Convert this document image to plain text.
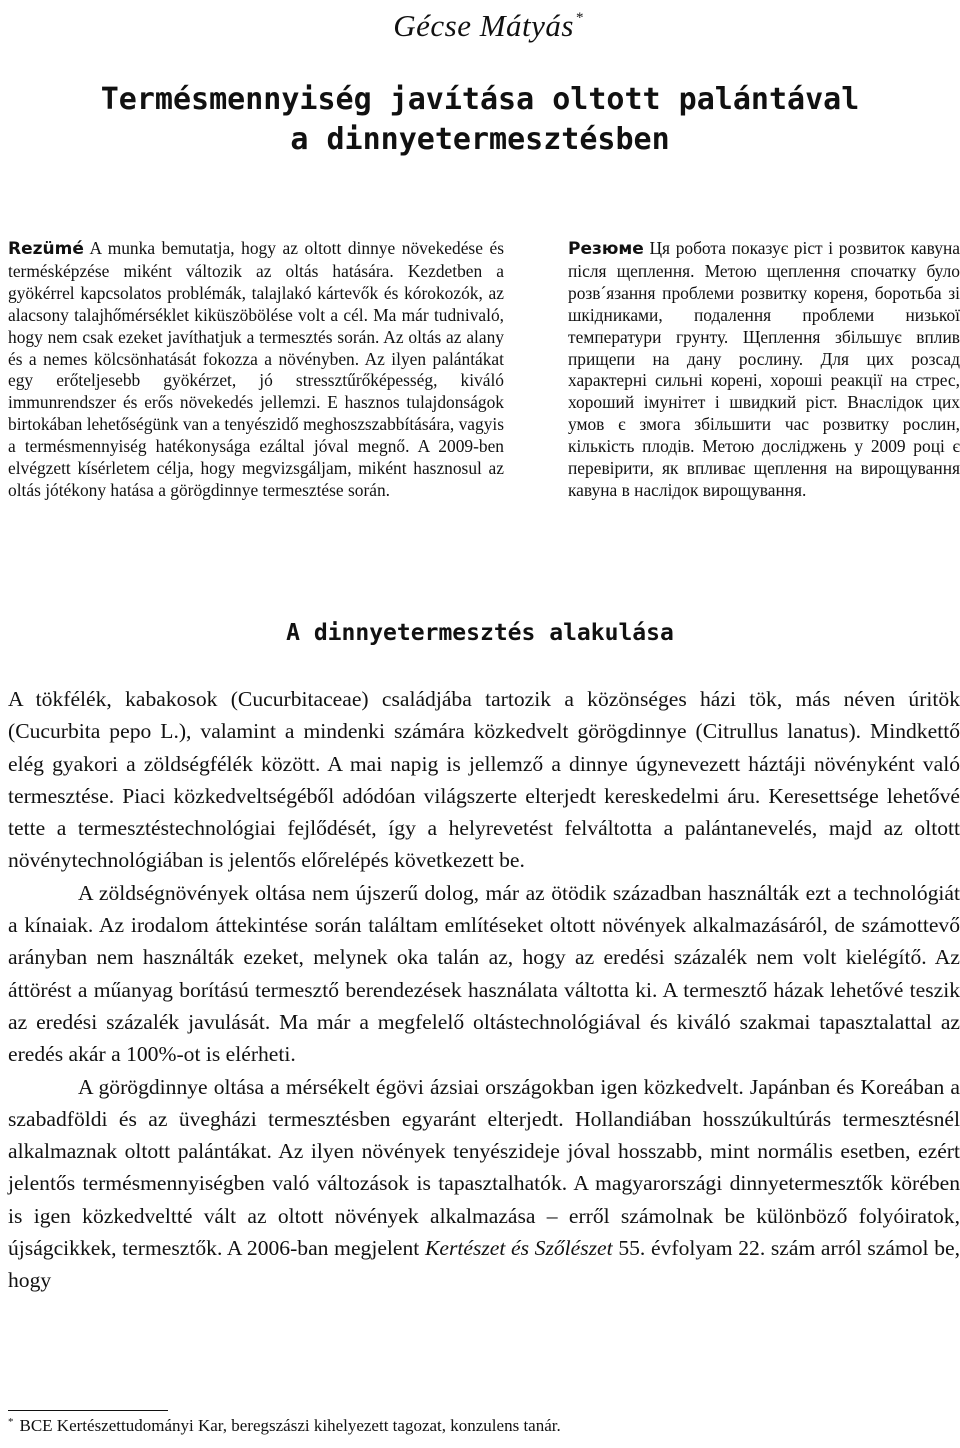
Gécse Mátyás *
Termésmennyiség javítása oltott palántával
a dinnyetermesztésben
Rezümé A munka bemutatja, hogy az oltott dinnye növekedése és termésképzése miként változik az oltás hatására. Kezdetben a gyökérrel kapcsolatos problémák, talajlakó kártevők és kórokozók, az alacsony talajhőmérséklet kiküszöbölése volt a cél. Ma már tudnivaló, hogy nem csak ezeket javíthatjuk a termesztés során. Az oltás az alany és a nemes kölcsönhatását fokozza a növényben. Az ilyen palántákat egy erőteljesebb gyökérzet, jó stressztűrőképesség, kiváló immunrendszer és erős növekedés jellemzi. E hasznos tulajdonságok birtokában lehetőségünk van a tenyészidő meghoszszabbítására, vagyis a termésmennyiség hatékonysága ezáltal jóval megnő. A 2009-ben elvégzett kísérletem célja, hogy megvizsgáljam, miként hasznosul az oltás jótékony hatása a görögdinnye termesztése során.
Резюме Ця робота показує ріст і розвиток кавуна після щеплення. Метою щеплення спочатку було розв´язання проблеми розвитку кореня, боротьба зі шкідниками, подалення проблеми низької температури грунту. Щеплення збільшує вплив прищепи на дану рослину. Для цих розсад характерні сильні корені, хороші реакції на стрес, хороший імунітет і швидкий ріст. Внаслідок цих умов є змога збільшити час розвитку рослин, кількість плодів. Метою досліджень у 2009 році є перевірити, як впливає щеплення на вирощування кавуна в наслідок вирощування.
A dinnyetermesztés alakulása

A tökfélék, kabakosok (Cucurbitaceae) családjába tartozik a közönséges házi tök, más néven úritök (Cucurbita pepo L.), valamint a mindenki számára közkedvelt görögdinnye (Citrullus lanatus). Mindkettő elég gyakori a zöldségfélék között. A mai napig is jellemző a dinnye úgynevezett háztáji növényként való termesztése. Piaci közkedveltségéből adódóan világszerte elterjedt kereskedelmi áru. Keresettsége lehetővé tette a termesztéstechnológiai fejlődését, így a helyrevetést felváltotta a palántanevelés, majd az oltott növénytechnológiában is jelentős előrelépés következett be.

A zöldségnövények oltása nem újszerű dolog, már az ötödik században használták ezt a technológiát a kínaiak. Az irodalom áttekintése során találtam említéseket oltott növények alkalmazásáról, de számottevő arányban nem használták ezeket, melynek oka talán az, hogy az eredési százalék nem volt kielégítő. Az áttörést a műanyag borítású termesztő berendezések használata váltotta ki. A termesztő házak lehetővé teszik az eredési százalék javulását. Ma már a megfelelő oltástechnológiával és kiváló szakmai tapasztalattal az eredés akár a 100%-ot is elérheti.

A görögdinnye oltása a mérsékelt égövi ázsiai országokban igen közkedvelt. Japánban és Koreában a szabadföldi és az üvegházi termesztésben egyaránt elterjedt. Hollandiában hosszúkultúrás termesztésnél alkalmaznak oltott palántákat. Az ilyen növények tenyészideje jóval hosszabb, mint normális esetben, ezért jelentős termésmennyiségben való változások is tapasztalhatók. A magyarországi dinnyetermesztők körében is igen közkedveltté vált az oltott növények alkalmazása – erről számolnak be különböző folyóiratok, újságcikkek, termesztők. A 2006-ban megjelent Kertészet és Szőlészet 55. évfolyam 22. szám arról számol be, hogy

* BCE Kertészettudományi Kar, beregszászi kihelyezett tagozat, konzulens tanár.
